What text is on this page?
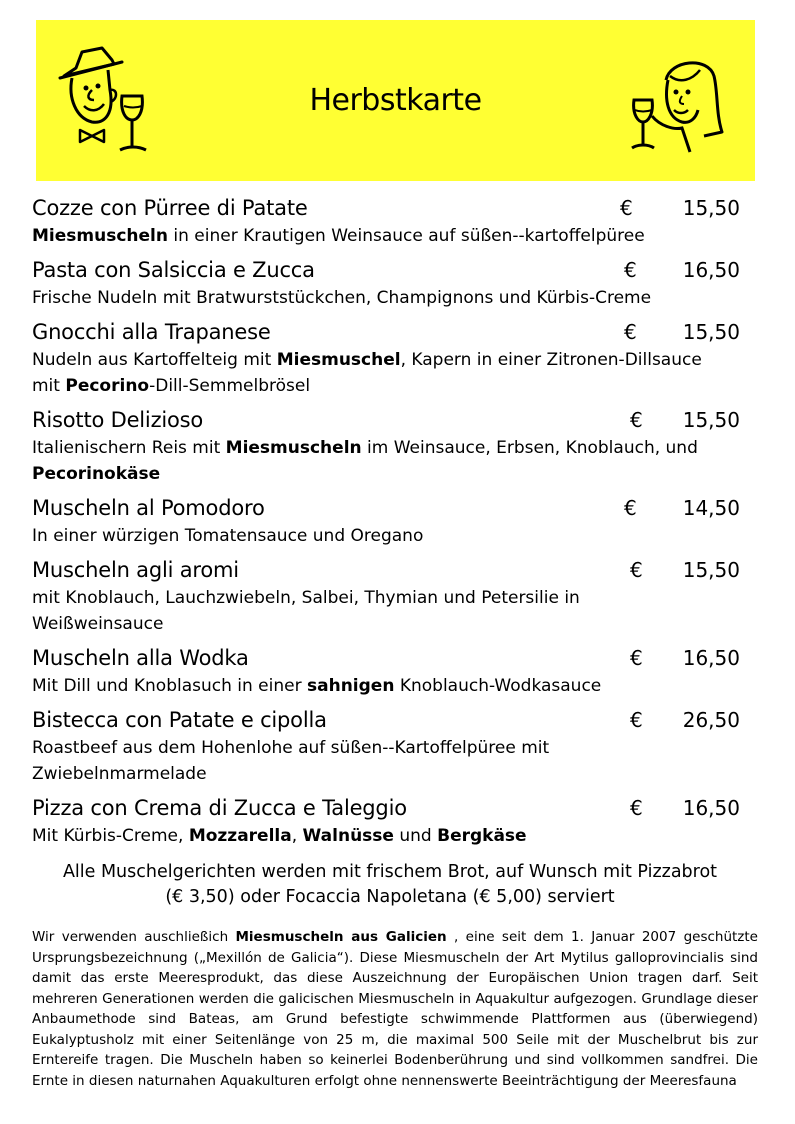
Herbstkarte
Cozze con Pürree di Patate	€	15,50
Miesmuscheln in einer Krautigen Weinsauce auf süßen--kartoffelpüree
Pasta con Salsiccia e Zucca	€ 16,50
Frische Nudeln mit Bratwurststückchen, Champignons und Kürbis-Creme
Gnocchi alla Trapanese	€ 15,50
Nudeln aus Kartoffelteig mit Miesmuschel, Kapern in einer Zitronen-Dillsauce mit Pecorino-Dill-Semmelbrösel
Risotto Delizioso	€ 15,50
Italienischern Reis mit Miesmuscheln im Weinsauce, Erbsen, Knoblauch, und Pecorinokäse
Muscheln al Pomodoro	€ 14,50
In einer würzigen Tomatensauce und Oregano
Muscheln agli aromi	€ 15,50
mit Knoblauch, Lauchzwiebeln, Salbei, Thymian und Petersilie in Weißweinsauce
Muscheln alla Wodka	€ 16,50
Mit Dill und Knoblasuch in einer sahnigen Knoblauch-Wodkasauce
Bistecca con Patate e cipolla	€ 26,50
Roastbeef aus dem Hohenlohe auf süßen--Kartoffelpüree mit Zwiebelnmarmelade
Pizza con Crema di Zucca e Taleggio	€ 16,50
Mit Kürbis-Creme, Mozzarella, Walnüsse und Bergkäse
Alle Muschelgerichten werden mit frischem Brot, auf Wunsch mit Pizzabrot
(€ 3,50) oder Focaccia Napoletana (€ 5,00) serviert
Wir verwenden auschließich Miesmuscheln aus Galicien , eine seit dem 1. Januar 2007 geschützte Ursprungsbezeichnung („Mexillón de Galicia“). Diese Miesmuscheln der Art Mytilus galloprovincialis sind damit das erste Meeresprodukt, das diese Auszeichnung der Europäischen Union tragen darf. Seit mehreren Generationen werden die galicischen Miesmuscheln in Aquakultur aufgezogen. Grundlage dieser Anbaumethode sind Bateas, am Grund befestigte schwimmende Plattformen aus (überwiegend) Eukalyptusholz mit einer Seitenlänge von 25 m, die maximal 500 Seile mit der Muschelbrut bis zur Erntereife tragen. Die Muscheln haben so keinerlei Bodenberührung und sind vollkommen sandfrei. Die Ernte in diesen naturnahen Aquakulturen erfolgt ohne nennenswerte Beeinträchtigung der Meeresfauna
